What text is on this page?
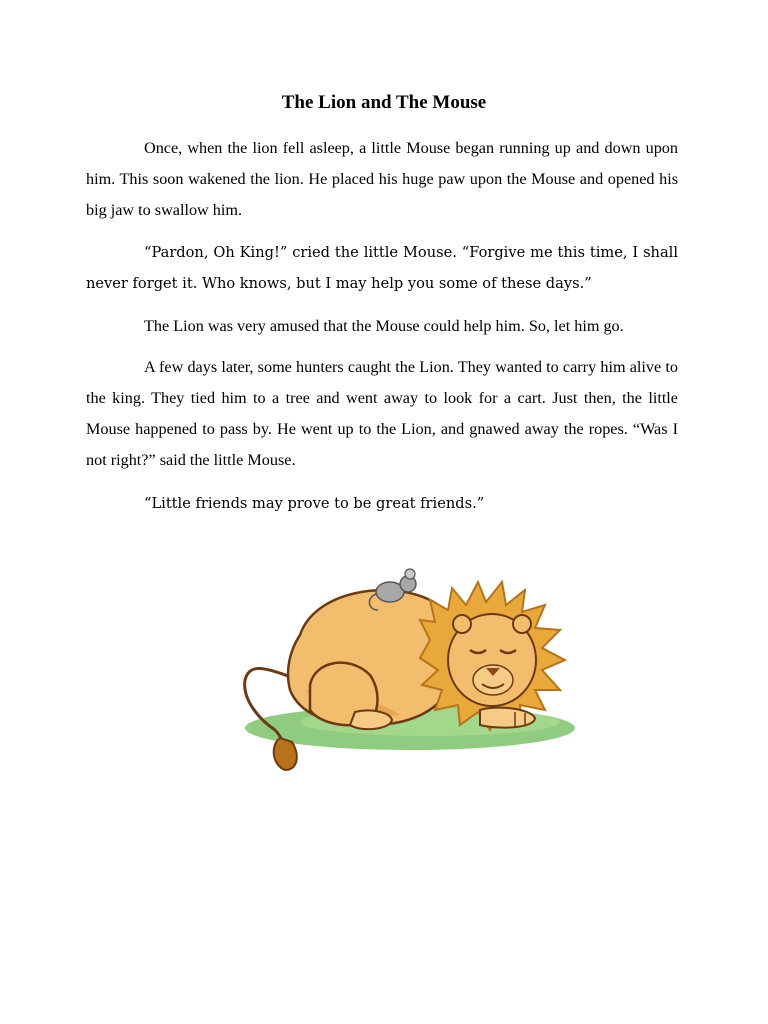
The Lion and The Mouse

Once, when the lion fell asleep, a little Mouse began running up and down upon him. This soon wakened the lion. He placed his huge paw upon the Mouse and opened his big jaw to swallow him.

“Pardon, Oh King!” cried the little Mouse. “Forgive me this time, I shall never forget it. Who knows, but I may help you some of these days.”

The Lion was very amused that the Mouse could help him. So, let him go.

A few days later, some hunters caught the Lion. They wanted to carry him alive to the king. They tied him to a tree and went away to look for a cart. Just then, the little Mouse happened to pass by. He went up to the Lion, and gnawed away the ropes. “Was I not right?” said the little Mouse.

“Little friends may prove to be great friends.”
